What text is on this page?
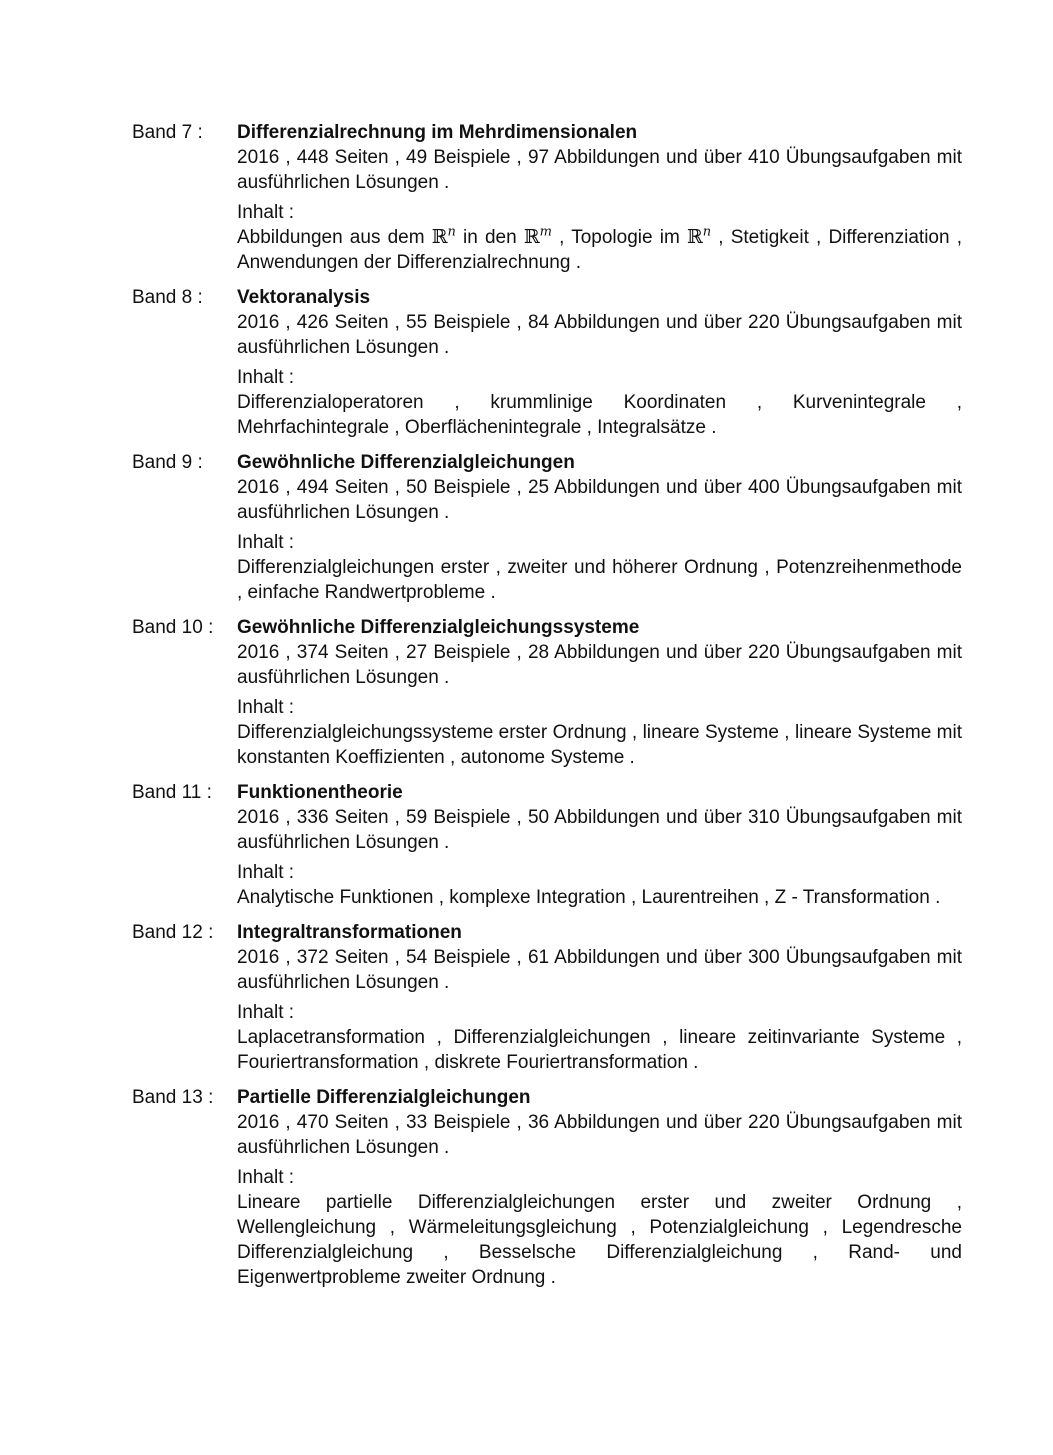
Band 7 :	Differenzialrechnung im Mehrdimensionalen
2016 , 448 Seiten , 49 Beispiele , 97 Abbildungen und über 410 Übungsaufgaben mit ausführlichen Lösungen .
Inhalt :
Abbildungen aus dem ℝ$^n$ in den ℝ$^m$ , Topologie im ℝ$^n$ , Stetigkeit , Differenziation , Anwendungen der Differenzialrechnung .
Band 8 :	Vektoranalysis
2016 , 426 Seiten , 55 Beispiele , 84 Abbildungen und über 220 Übungsaufgaben mit ausführlichen Lösungen .
Inhalt :
Differenzialoperatoren , krummlinige Koordinaten , Kurvenintegrale , Mehrfachintegrale , Oberflächenintegrale , Integralsätze .
Band 9 :	Gewöhnliche Differenzialgleichungen
2016 , 494 Seiten , 50 Beispiele , 25 Abbildungen und über 400 Übungsaufgaben mit ausführlichen Lösungen .
Inhalt :
Differenzialgleichungen erster , zweiter und höherer Ordnung , Potenzreihenmethode , einfache Randwertprobleme .
Band 10 :	Gewöhnliche Differenzialgleichungssysteme
2016 , 374 Seiten , 27 Beispiele , 28 Abbildungen und über 220 Übungsaufgaben mit ausführlichen Lösungen .
Inhalt :
Differenzialgleichungssysteme erster Ordnung , lineare Systeme , lineare Systeme mit konstanten Koeffizienten , autonome Systeme .
Band 11 :	Funktionentheorie
2016 , 336 Seiten , 59 Beispiele , 50 Abbildungen und über 310 Übungsaufgaben mit ausführlichen Lösungen .
Inhalt :
Analytische Funktionen , komplexe Integration , Laurentreihen , Z - Transformation .
Band 12 :	Integraltransformationen
2016 , 372 Seiten , 54 Beispiele , 61 Abbildungen und über 300 Übungsaufgaben mit ausführlichen Lösungen .
Inhalt :
Laplacetransformation , Differenzialgleichungen , lineare zeitinvariante Systeme , Fouriertransformation , diskrete Fouriertransformation .
Band 13 :	Partielle Differenzialgleichungen
2016 , 470 Seiten , 33 Beispiele , 36 Abbildungen und über 220 Übungsaufgaben mit ausführlichen Lösungen .
Inhalt :
Lineare partielle Differenzialgleichungen erster und zweiter Ordnung , Wellengleichung , Wärmeleitungsgleichung , Potenzialgleichung , Legendresche Differenzialgleichung , Besselsche Differenzialgleichung , Rand- und Eigenwertprobleme zweiter Ordnung .
